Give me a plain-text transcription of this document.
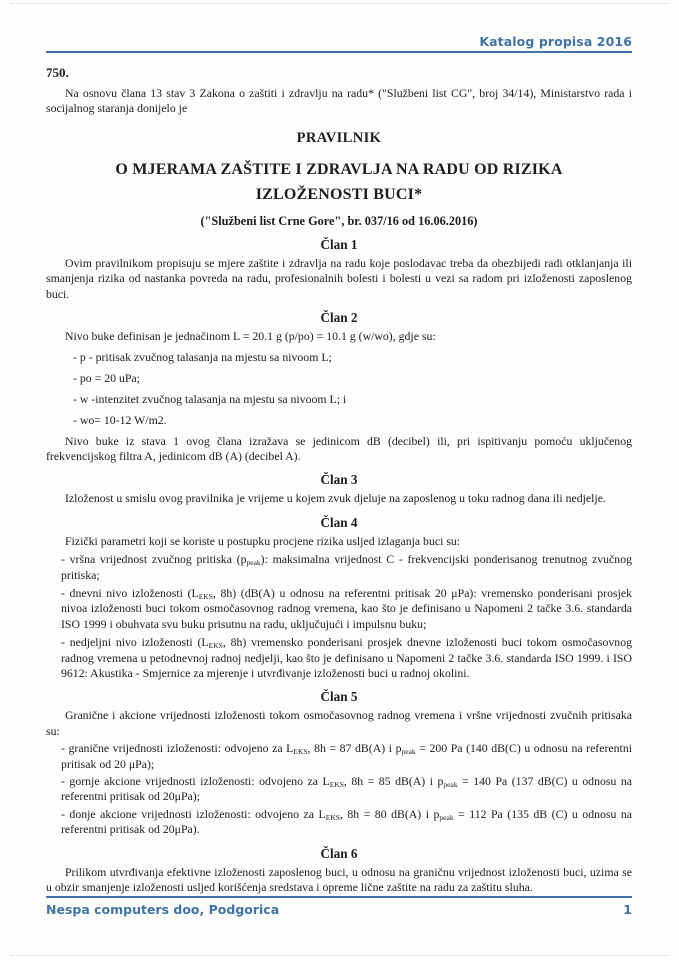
Katalog propisa 2016

750.

Na osnovu člana 13 stav 3 Zakona o zaštiti i zdravlju na radu* ("Službeni list CG", broj 34/14), Ministarstvo rada i socijalnog staranja donijelo je

PRAVILNIK
O MJERAMA ZAŠTITE I ZDRAVLJA NA RADU OD RIZIKA IZLOŽENOSTI BUCI*

("Službeni list Crne Gore", br. 037/16 od 16.06.2016)

Član 1

Ovim pravilnikom propisuju se mjere zaštite i zdravlja na radu koje poslodavac treba da obezbijedi radi otklanjanja ili smanjenja rizika od nastanka povreda na radu, profesionalnih bolesti i bolesti u vezi sa radom pri izloženosti zaposlenog buci.

Član 2

Nivo buke definisan je jednačinom L = 20.1 g (p/po) = 10.1 g (w/wo), gdje su:

- p - pritisak zvučnog talasanja na mjestu sa nivoom L;

- po = 20 uPa;

- w -intenzitet zvučnog talasanja na mjestu sa nivoom L; i

- wo= 10-12 W/m2.

Nivo buke iz stava 1 ovog člana izražava se jedinicom dB (decibel) ili, pri ispitivanju pomoću uključenog frekvencijskog filtra A, jedinicom dB (A) (decibel A).

Član 3

Izloženost u smislu ovog pravilnika je vrijeme u kojem zvuk djeluje na zaposlenog u toku radnog dana ili nedjelje.

Član 4

Fizički parametri koji se koriste u postupku procjene rizika usljed izlaganja buci su:

- vršna vrijednost zvučnog pritiska $(p_{peak})$: maksimalna vrijednost C - frekvencijski ponderisanog trenutnog zvučnog pritiska;

- dnevni nivo izloženosti ($L_{EKS}$, 8h) (dB(A) u odnosu na referentni pritisak 20 μPa): vremensko ponderisani prosjek nivoa izloženosti buci tokom osmočasovnog radnog vremena, kao što je definisano u Napomeni 2 tačke 3.6. standarda ISO 1999 i obuhvata svu buku prisutnu na radu, uključujući i impulsnu buku;

- nedjeljni nivo izloženosti ($L_{EKS}$, 8h) vremensko ponderisani prosjek dnevne izloženosti buci tokom osmočasovnog radnog vremena u petodnevnoj radnoj nedjelji, kao što je definisano u Napomeni 2 tačke 3.6. standarda ISO 1999. i ISO 9612: Akustika - Smjernice za mjerenje i utvrđivanje izloženosti buci u radnoj okolini.

Član 5

Granične i akcione vrijednosti izloženosti tokom osmočasovnog radnog vremena i vršne vrijednosti zvučnih pritisaka su:

- granične vrijednosti izloženosti: odvojeno za $L_{EKS}$, 8h = 87 dB(A) i $p_{peak} = 200$ Pa (140 dB(C) u odnosu na referentni pritisak od 20 μPa);

- gornje akcione vrijednosti izloženosti: odvojeno za $L_{EKS}$, 8h = 85 dB(A) i $p_{peak} = 140$ Pa (137 dB(C) u odnosu na referentni pritisak od 20μPa);

- donje akcione vrijednosti izloženosti: odvojeno za $L_{EKS}$, 8h = 80 dB(A) i $p_{peak} = 112$ Pa (135 dB (C) u odnosu na referentni pritisak od 20μPa).

Član 6

Prilikom utvrđivanja efektivne izloženosti zaposlenog buci, u odnosu na graničnu vrijednost izloženosti buci, uzima se u obzir smanjenje izloženosti usljed korišćenja sredstava i opreme lične zaštite na radu za zaštitu sluha.

Nespa computers doo, Podgorica	1
